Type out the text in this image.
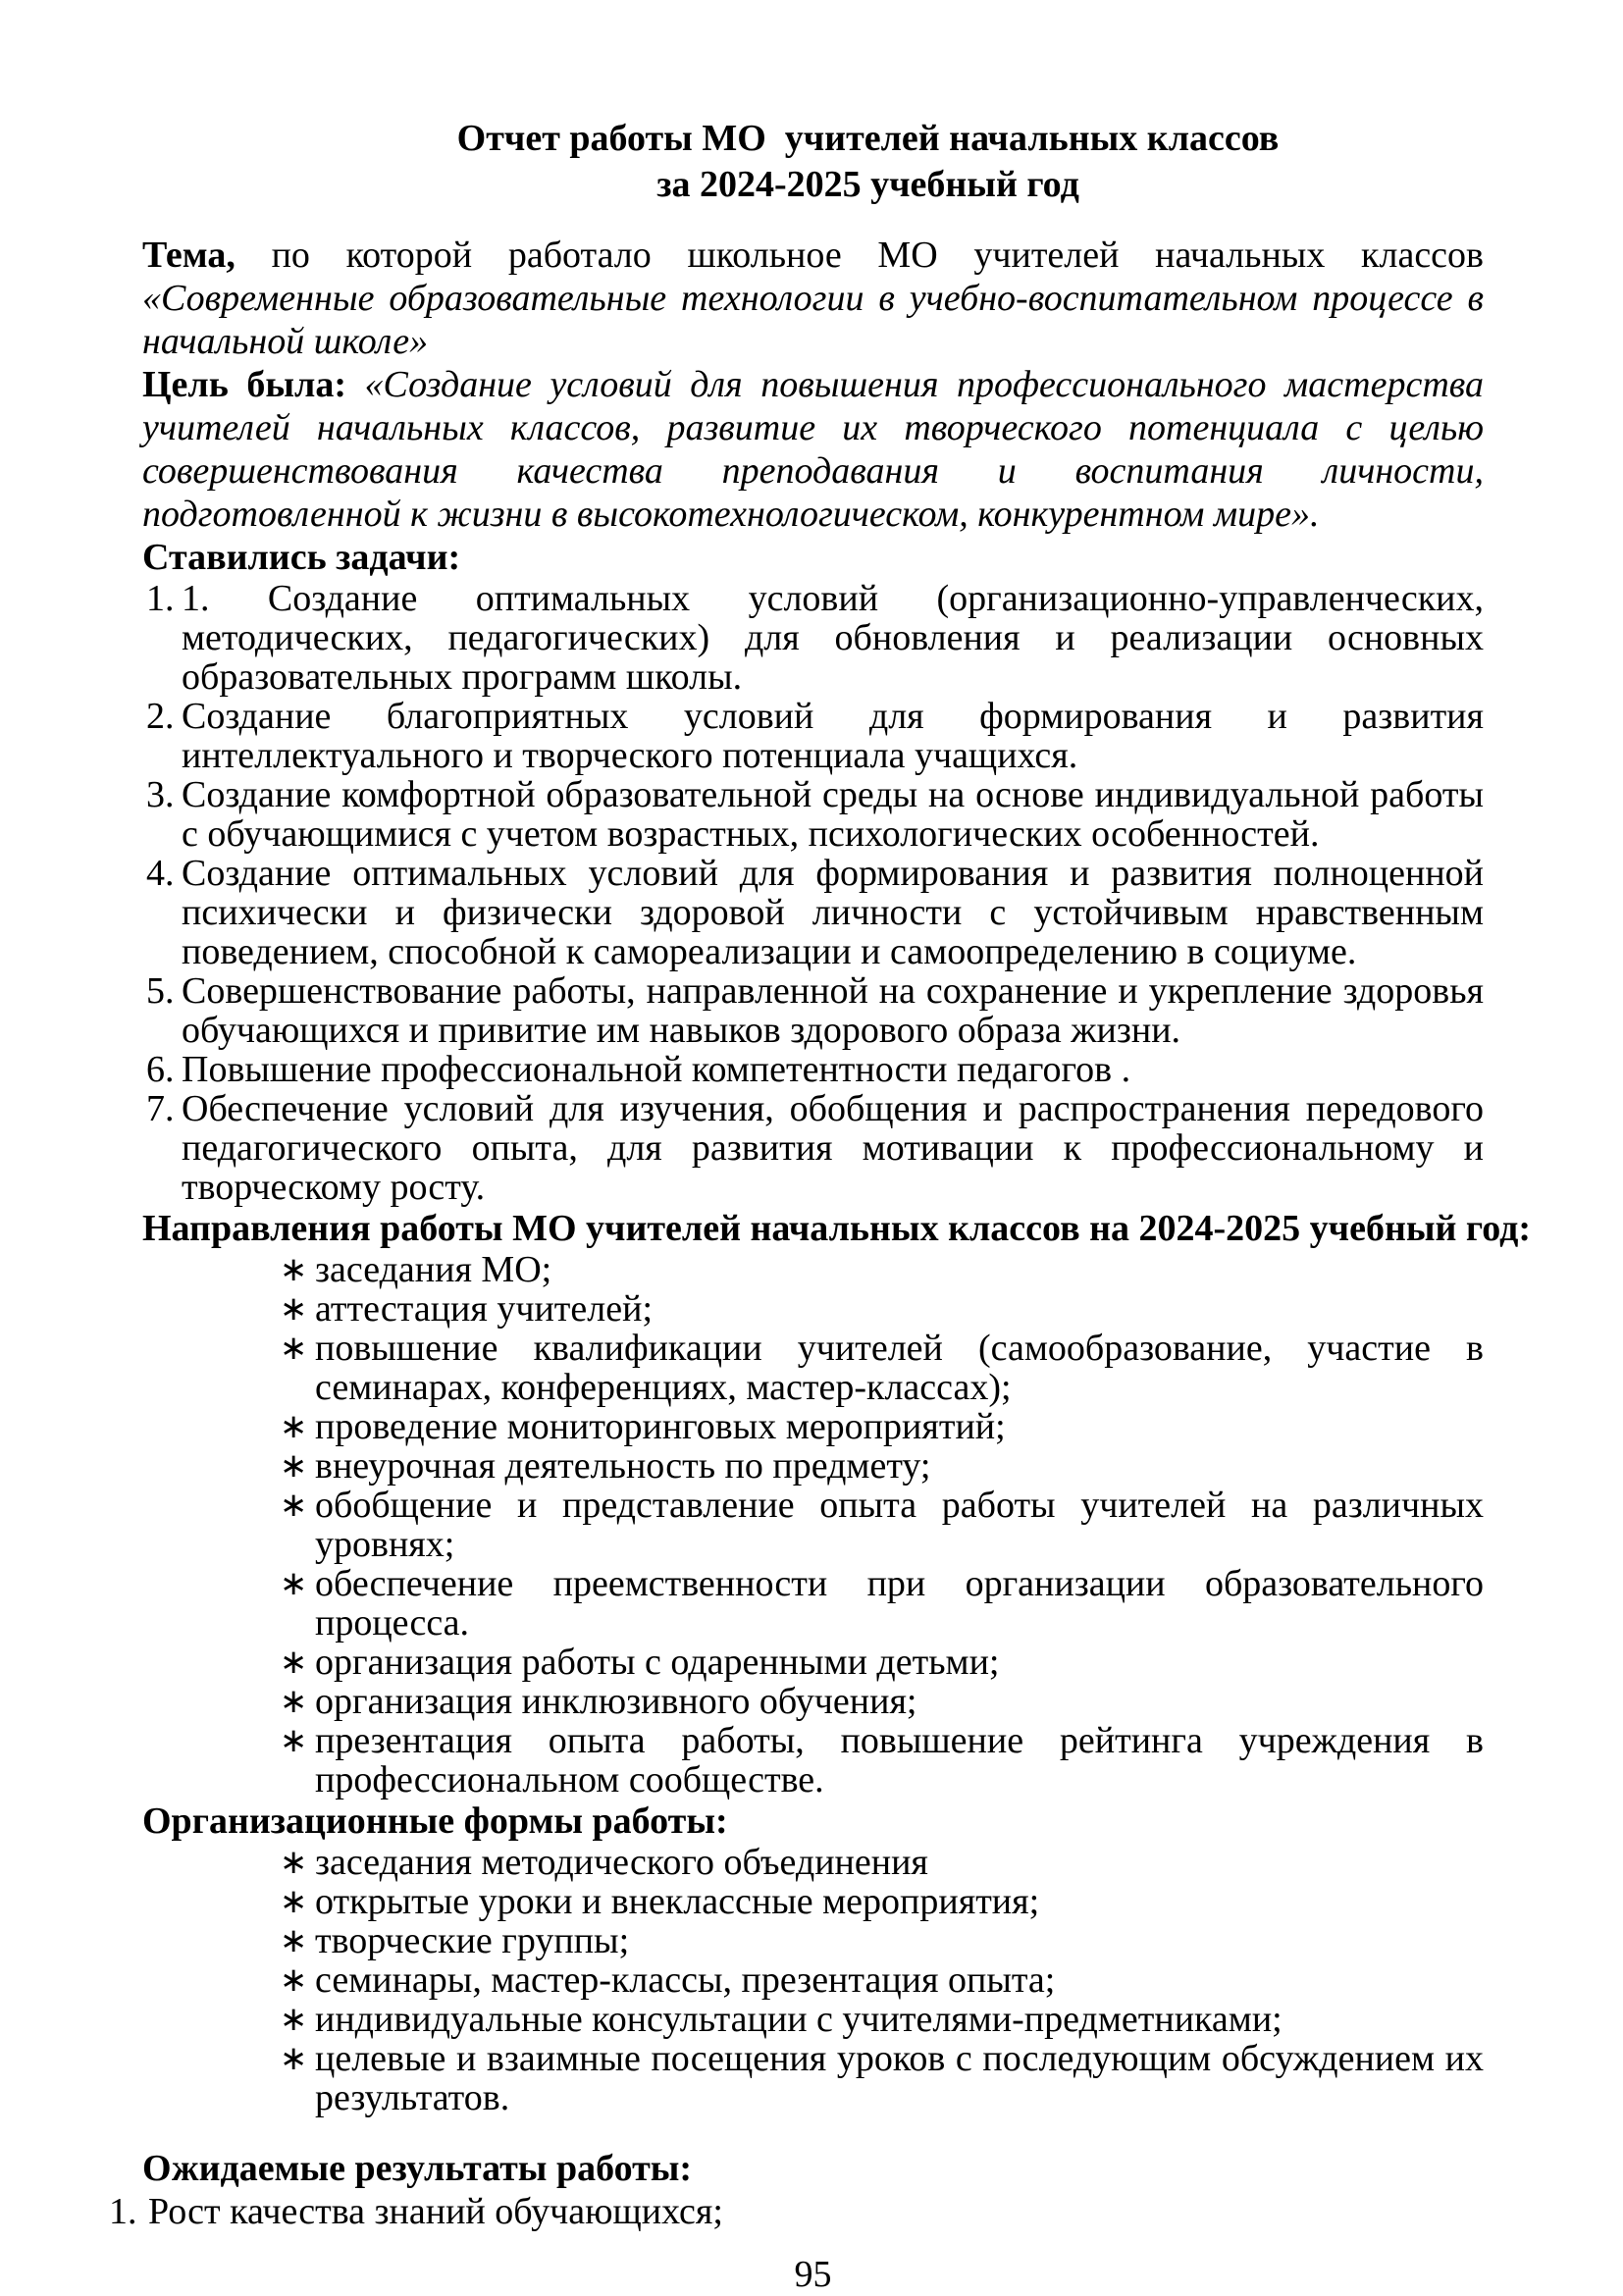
Отчет работы МО  учителей начальных классов
за 2024-2025 учебный год

Тема, по которой работало школьное МО учителей начальных классов «Современные образовательные технологии в учебно-воспитательном процессе в начальной школе»

Цель была: «Создание условий для повышения профессионального мастерства учителей начальных классов, развитие их творческого потенциала с целью совершенствования качества преподавания и воспитания личности, подготовленной к жизни в высокотехнологическом, конкурентном мире».

Ставились задачи:
1. 1. Создание оптимальных условий (организационно-управленческих, методических, педагогических) для обновления и реализации основных образовательных программ школы.
2. Создание благоприятных условий для формирования и развития интеллектуального и творческого потенциала учащихся.
3. Создание комфортной образовательной среды на основе индивидуальной работы с обучающимися с учетом возрастных, психологических особенностей.
4. Создание оптимальных условий для формирования и развития полноценной психически и физически здоровой личности с устойчивым нравственным поведением, способной к самореализации и самоопределению в социуме.
5. Совершенствование работы, направленной на сохранение и укрепление здоровья обучающихся и привитие им навыков здорового образа жизни.
6. Повышение профессиональной компетентности педагогов .
7. Обеспечение условий для изучения, обобщения и распространения передового педагогического опыта, для развития мотивации к профессиональному и творческому росту.
Направления работы МО учителей начальных классов на 2024-2025 учебный год:
∗ заседания МО;
∗ аттестация учителей;
∗ повышение квалификации учителей (самообразование, участие в семинарах, конференциях, мастер-классах);
∗ проведение мониторинговых мероприятий;
∗ внеурочная деятельность по предмету;
∗ обобщение и представление опыта работы учителей на различных уровнях;
∗ обеспечение преемственности при организации образовательного процесса.
∗ организация работы с одаренными детьми;
∗ организация инклюзивного обучения;
∗ презентация опыта работы, повышение рейтинга учреждения в профессиональном сообществе.
Организационные формы работы:
∗ заседания методического объединения
∗ открытые уроки и внеклассные мероприятия;
∗ творческие группы;
∗ семинары, мастер-классы, презентация опыта;
∗ индивидуальные консультации с учителями-предметниками;
∗ целевые и взаимные посещения уроков с последующим обсуждением их результатов.
Ожидаемые результаты работы:
1. Рост качества знаний обучающихся;
95
